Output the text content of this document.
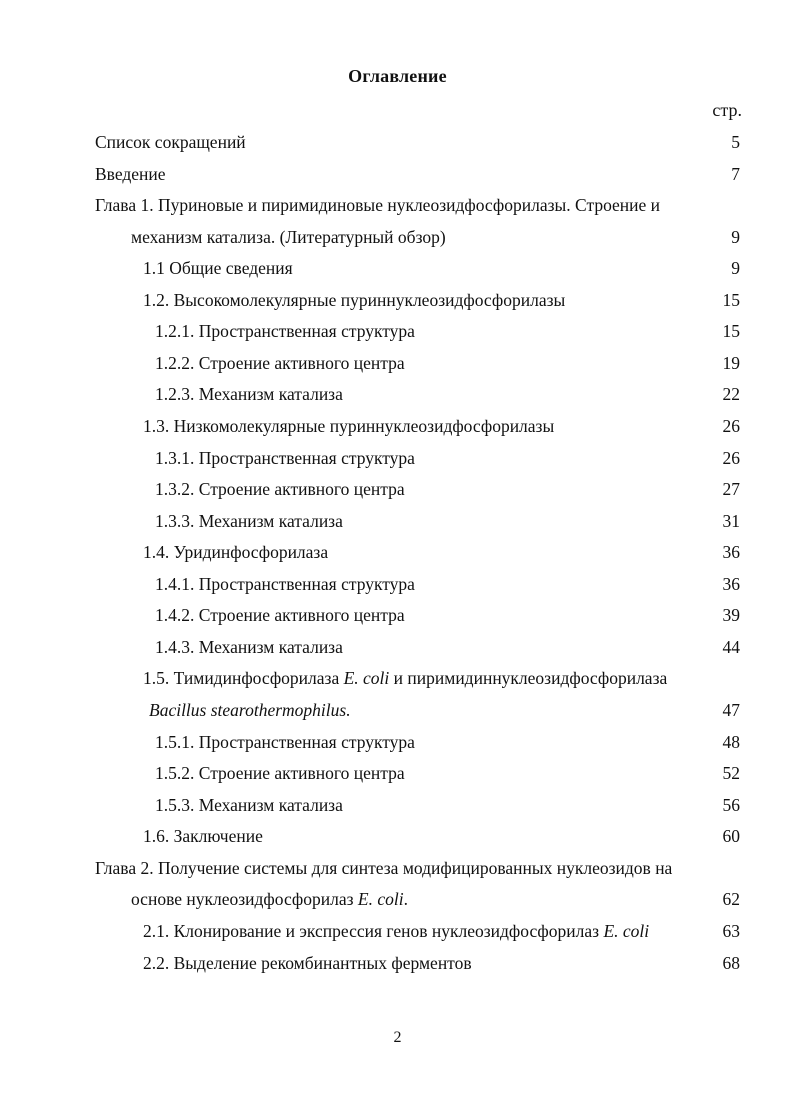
Оглавление
стр.
Список сокращений	5
Введение	7
Глава 1. Пуриновые и пиримидиновые нуклеозидфосфорилазы. Строение и
механизм катализа. (Литературный обзор)	9
1.1 Общие сведения	9
1.2. Высокомолекулярные пуриннуклеозидфосфорилазы	15
1.2.1. Пространственная структура	15
1.2.2. Строение активного центра	19
1.2.3. Механизм катализа	22
1.3. Низкомолекулярные пуриннуклеозидфосфорилазы	26
1.3.1. Пространственная структура	26
1.3.2. Строение активного центра	27
1.3.3. Механизм катализа	31
1.4. Уридинфосфорилаза	36
1.4.1. Пространственная структура	36
1.4.2. Строение активного центра	39
1.4.3. Механизм катализа	44
1.5. Тимидинфосфорилаза E. coli и пиримидиннуклеозидфосфорилаза
Bacillus stearothermophilus.	47
1.5.1. Пространственная структура	48
1.5.2. Строение активного центра	52
1.5.3. Механизм катализа	56
1.6. Заключение	60
Глава 2. Получение системы для синтеза модифицированных нуклеозидов на
основе нуклеозидфосфорилаз E. coli.	62
2.1. Клонирование и экспрессия генов нуклеозидфосфорилаз E. coli	63
2.2. Выделение рекомбинантных ферментов	68
2
